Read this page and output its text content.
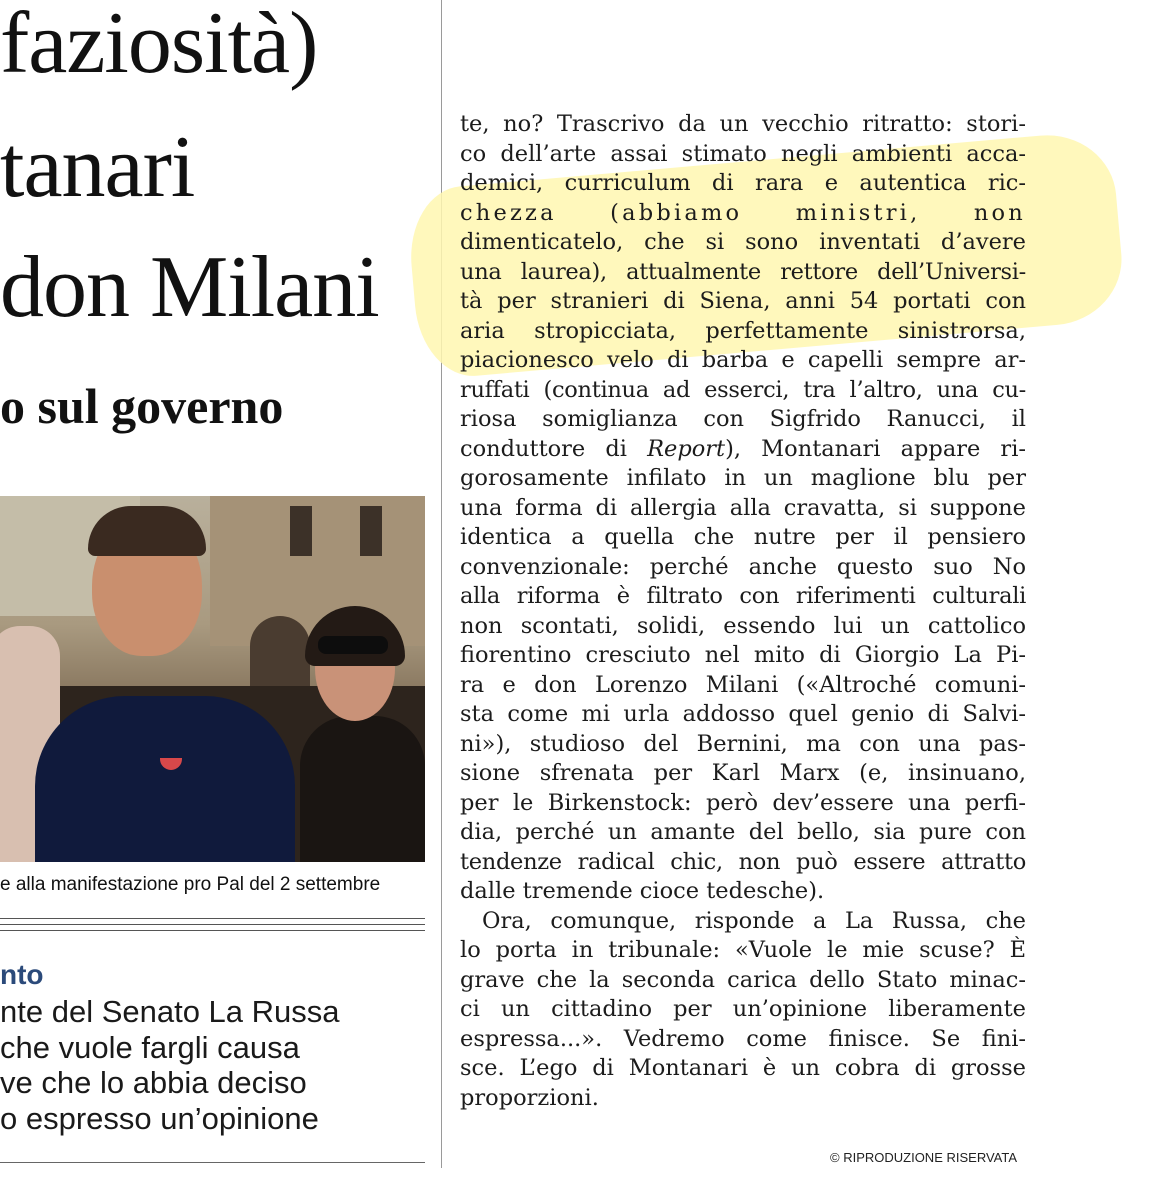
faziosità)
tanari
don Milani
o sul governo

e alla manifestazione pro Pal del 2 settembre

nto
nte del Senato La Russa
che vuole fargli causa
ve che lo abbia deciso
o espresso un’opinione
te, no? Trascrivo da un vecchio ritratto: stori-
co dell’arte assai stimato negli ambienti acca-
demici, curriculum di rara e autentica ric-
chezza (abbiamo ministri, non
dimenticatelo, che si sono inventati d’avere
una laurea), attualmente rettore dell’Universi-
tà per stranieri di Siena, anni 54 portati con
aria stropicciata, perfettamente sinistrorsa,
piacionesco velo di barba e capelli sempre ar-
ruffati (continua ad esserci, tra l’altro, una cu-
riosa somiglianza con Sigfrido Ranucci, il
conduttore di Report), Montanari appare ri-
gorosamente infilato in un maglione blu per
una forma di allergia alla cravatta, si suppone
identica a quella che nutre per il pensiero
convenzionale: perché anche questo suo No
alla riforma è filtrato con riferimenti culturali
non scontati, solidi, essendo lui un cattolico
fiorentino cresciuto nel mito di Giorgio La Pi-
ra e don Lorenzo Milani («Altroché comuni-
sta come mi urla addosso quel genio di Salvi-
ni»), studioso del Bernini, ma con una pas-
sione sfrenata per Karl Marx (e, insinuano,
per le Birkenstock: però dev’essere una perfi-
dia, perché un amante del bello, sia pure con
tendenze radical chic, non può essere attratto
dalle tremende cioce tedesche).
Ora, comunque, risponde a La Russa, che
lo porta in tribunale: «Vuole le mie scuse? È
grave che la seconda carica dello Stato minac-
ci un cittadino per un’opinione liberamente
espressa...». Vedremo come finisce. Se fini-
sce. L’ego di Montanari è un cobra di grosse
proporzioni.

© RIPRODUZIONE RISERVATA
